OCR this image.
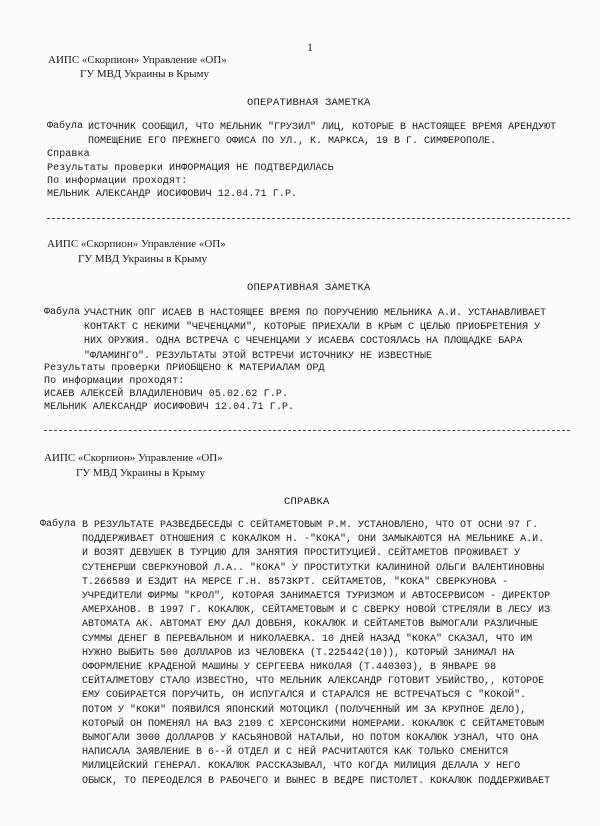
1
АИПС «Скорпион» Управление «ОП»
ГУ МВД Украины в Крыму
ОПЕРАТИВНАЯ ЗАМЕТКА
Фабула ИСТОЧНИК СООБЩИЛ, ЧТО МЕЛЬНИК "ГРУЗИЛ" ЛИЦ, КОТОРЫЕ В НАСТОЯЩЕЕ ВРЕМЯ АРЕНДУЮТ
ПОМЕЩЕНИЕ ЕГО ПРЕЖНЕГО ОФИСА ПО УЛ., К. МАРКСА, 19 В Г. СИМФЕРОПОЛЕ.
Справка
Результаты проверки ИНФОРМАЦИЯ НЕ ПОДТВЕРДИЛАСЬ
По информации проходят:
МЕЛЬНИК АЛЕКСАНДР ИОСИФОВИЧ 12.04.71 Г.Р.
АИПС «Скорпион» Управление «ОП»
ГУ МВД Украины в Крыму
ОПЕРАТИВНАЯ ЗАМЕТКА
Фабула УЧАСТНИК ОПГ ИСАЕВ В НАСТОЯЩЕЕ ВРЕМЯ ПО ПОРУЧЕНИЮ МЕЛЬНИКА А.И. УСТАНАВЛИВАЕТ
КОНТАКТ С НЕКИМИ "ЧЕЧЕНЦАМИ", КОТОРЫЕ ПРИЕХАЛИ В КРЫМ С ЦЕЛЬЮ ПРИОБРЕТЕНИЯ У
НИХ ОРУЖИЯ. ОДНА ВСТРЕЧА С ЧЕЧЕНЦАМИ У ИСАЕВА СОСТОЯЛАСЬ НА ПЛОЩАДКЕ БАРА
"ФЛАМИНГО". РЕЗУЛЬТАТЫ ЭТОЙ ВСТРЕЧИ ИСТОЧНИКУ НЕ ИЗВЕСТНЫЕ
Результаты проверки ПРИОБЩЕНО К МАТЕРИАЛАМ ОРД
По информации проходят:
ИСАЕВ АЛЕКСЕЙ ВЛАДИЛЕНОВИЧ 05.02.62 Г.Р.
МЕЛЬНИК АЛЕКСАНДР ИОСИФОВИЧ 12.04.71 Г.Р.
АИПС «Скорпион» Управление «ОП»
ГУ МВД Украины в Крыму
СПРАВКА
Фабула В РЕЗУЛЬТАТЕ РАЗВЕДБЕСЕДЫ С СЕЙТАМЕТОВЫМ Р.М. УСТАНОВЛЕНО, ЧТО ОТ ОСНИ 97 Г.
ПОДДЕРЖИВАЕТ ОТНОШЕНИЯ С КОКАЛКОМ Н. -"КОКА", ОНИ ЗАМЫКАЮТСЯ НА МЕЛЬНИКЕ А.И.
И ВОЗЯТ ДЕВУШЕК В ТУРЦИЮ ДЛЯ ЗАНЯТИЯ ПРОСТИТУЦИЕЙ. СЕЙТАМЕТОВ ПРОЖИВАЕТ У
СУТЕНЕРШИ СВЕРКУНОВОЙ Л.А.. "КОКА" У ПРОСТИТУТКИ КАЛИНИНОЙ ОЛЬГИ ВАЛЕНТИНОВНЫ
Т.266589 И ЕЗДИТ НА МЕРСЕ Г.Н. 8573КРТ. СЕЙТАМЕТОВ, "КОКА" СВЕРКУНОВА -
УЧРЕДИТЕЛИ ФИРМЫ "КРОЛ", КОТОРАЯ ЗАНИМАЕТСЯ ТУРИЗМОМ И АВТОСЕРВИСОМ - ДИРЕКТОР
АМЕРХАНОВ. В 1997 Г. КОКАЛЮК, СЕЙТАМЕТОВЫМ И С СВЕРКУ НОВОЙ СТРЕЛЯЛИ В ЛЕСУ ИЗ
АВТОМАТА АК. АВТОМАТ ЕМУ ДАЛ ДОВБНЯ, КОКАЛЮК И СЕЙТАМЕТОВ ВЫМОГАЛИ РАЗЛИЧНЫЕ
СУММЫ ДЕНЕГ В ПЕРЕВАЛЬНОМ И НИКОЛАЕВКА. 10 ДНЕЙ НАЗАД "КОКА" СКАЗАЛ, ЧТО ИМ
НУЖНО ВЫБИТЬ 500 ДОЛЛАРОВ ИЗ ЧЕЛОВЕКА (Т.225442(10)), КОТОРЫЙ ЗАНИМАЛ НА
ОФОРМЛЕНИЕ КРАДЕНОЙ МАШИНЫ У СЕРГЕЕВА НИКОЛАЯ (Т.440303), В ЯНВАРЕ 98
СЕЙТАЛМЕТОВУ СТАЛО ИЗВЕСТНО, ЧТО МЕЛЬНИК АЛЕКСАНДР ГОТОВИТ УБИЙСТВО,, КОТОРОЕ
ЕМУ СОБИРАЕТСЯ ПОРУЧИТЬ, ОН ИСПУГАЛСЯ И СТАРАЛСЯ НЕ ВСТРЕЧАТЬСЯ С "КОКОЙ".
ПОТОМ У "КОКИ" ПОЯВИЛСЯ ЯПОНСКИЙ МОТОЦИКЛ (ПОЛУЧЕННЫЙ ИМ ЗА КРУПНОЕ ДЕЛО),
КОТОРЫЙ ОН ПОМЕНЯЛ НА ВАЗ 2109 С ХЕРСОНСКИМИ НОМЕРАМИ. КОКАЛЮК С СЕЙТАМЕТОВЫМ
ВЫМОГАЛИ 3000 ДОЛЛАРОВ У КАСЬЯНОВОЙ НАТАЛЬИ, НО ПОТОМ КОКАЛЮК УЗНАЛ, ЧТО ОНА
НАПИСАЛА ЗАЯВЛЕНИЕ В 6--Й ОТДЕЛ И С НЕЙ РАСЧИТАЮТСЯ КАК ТОЛЬКО СМЕНИТСЯ
МИЛИЦЕЙСКИЙ ГЕНЕРАЛ. КОКАЛЮК РАССКАЗЫВАЛ, ЧТО КОГДА МИЛИЦИЯ ДЕЛАЛА У НЕГО
ОБЫСК, ТО ПЕРЕОДЕЛСЯ В РАБОЧЕГО И ВЫНЕС В ВЕДРЕ ПИСТОЛЕТ. КОКАЛЮК ПОДДЕРЖИВАЕТ
